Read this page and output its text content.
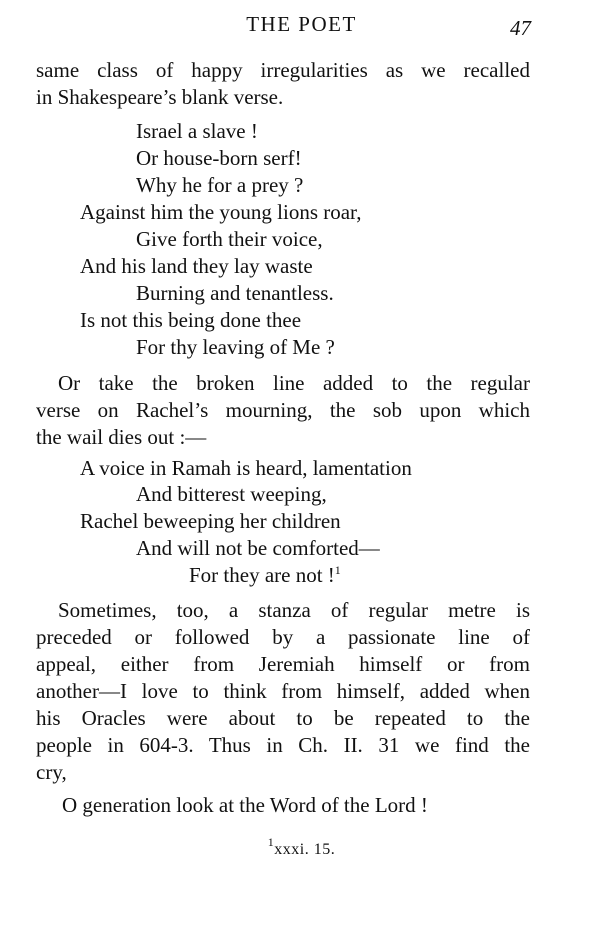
THE POET	47
same class of happy irregularities as we recalled
in Shakespeare’s blank verse.
Israel a slave !
Or house-born serf!
Why he for a prey ?
Against him the young lions roar,
Give forth their voice,
And his land they lay waste
Burning and tenantless.
Is not this being done thee
For thy leaving of Me ?
Or take the broken line added to the regular
verse on Rachel’s mourning, the sob upon which
the wail dies out :—
A voice in Ramah is heard, lamentation
And bitterest weeping,
Rachel beweeping her children
And will not be comforted—
For they are not !$^1$
Sometimes, too, a stanza of regular metre is
preceded or followed by a passionate line of
appeal, either from Jeremiah himself or from
another—I love to think from himself, added when
his Oracles were about to be repeated to the
people in 604-3. Thus in Ch. II. 31 we find the
cry,
O generation look at the Word of the Lord !
$^1$xxxi. 15.
